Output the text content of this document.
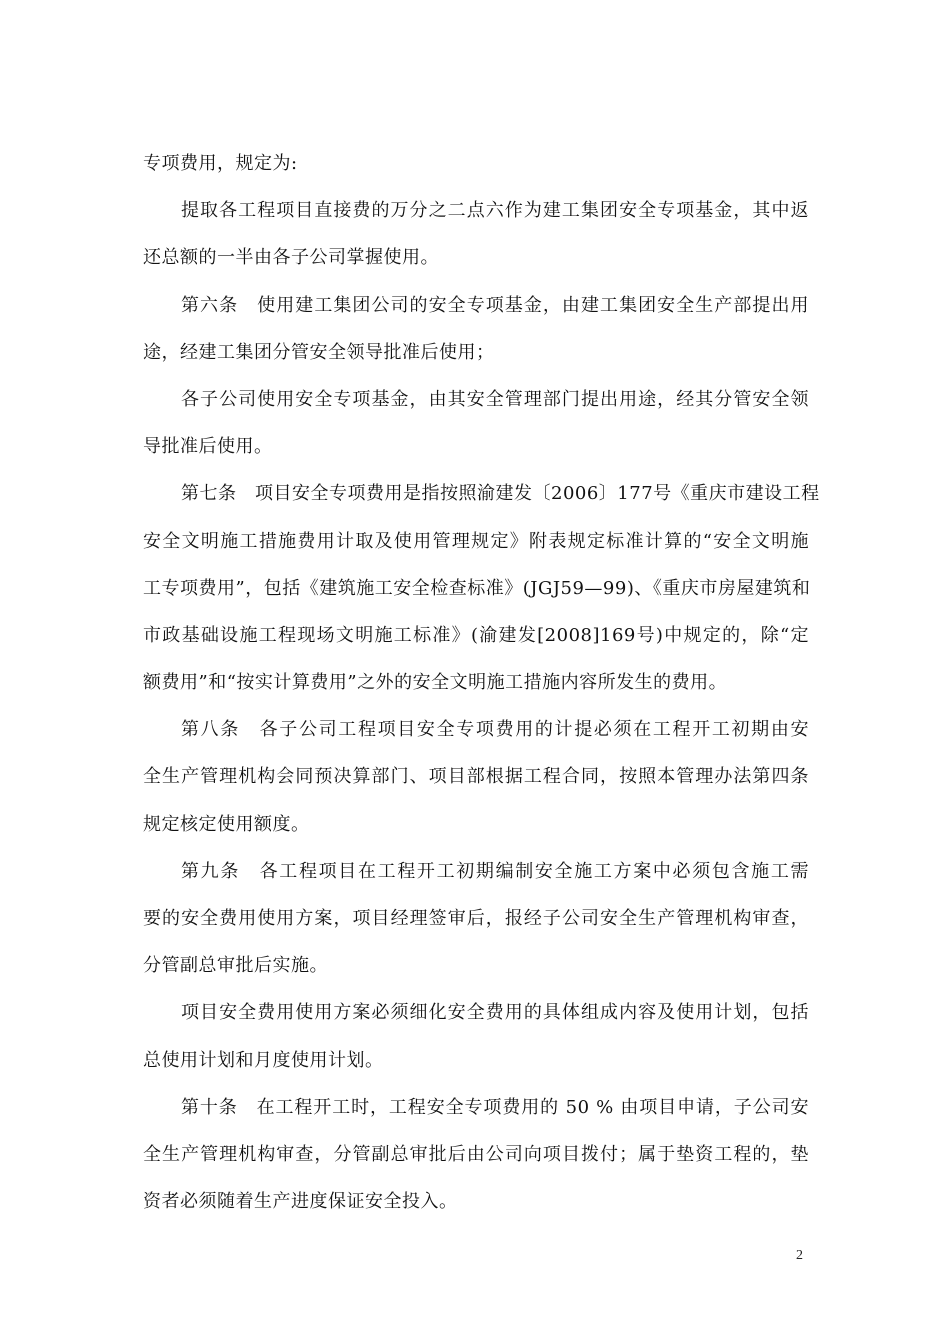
专项费用，规定为:
提取各工程项目直接费的万分之二点六作为建工集团安全专项基金，其中返
还总额的一半由各子公司掌握使用。
第六条　使用建工集团公司的安全专项基金，由建工集团安全生产部提出用
途，经建工集团分管安全领导批准后使用；
各子公司使用安全专项基金，由其安全管理部门提出用途，经其分管安全领
导批准后使用。
第七条　项目安全专项费用是指按照渝建发〔2006〕177号《重庆市建设工程
安全文明施工措施费用计取及使用管理规定》附表规定标准计算的“安全文明施
工专项费用”，包括《建筑施工安全检查标准》(JGJ59—99)、《重庆市房屋建筑和
市政基础设施工程现场文明施工标准》(渝建发[2008]169号)中规定的，除“定
额费用”和“按实计算费用”之外的安全文明施工措施内容所发生的费用。
第八条　各子公司工程项目安全专项费用的计提必须在工程开工初期由安
全生产管理机构会同预决算部门、项目部根据工程合同，按照本管理办法第四条
规定核定使用额度。
第九条　各工程项目在工程开工初期编制安全施工方案中必须包含施工需
要的安全费用使用方案，项目经理签审后，报经子公司安全生产管理机构审查，
分管副总审批后实施。
项目安全费用使用方案必须细化安全费用的具体组成内容及使用计划，包括
总使用计划和月度使用计划。
第十条　在工程开工时，工程安全专项费用的 50 % 由项目申请，子公司安
全生产管理机构审查，分管副总审批后由公司向项目拨付；属于垫资工程的，垫
资者必须随着生产进度保证安全投入。
2
